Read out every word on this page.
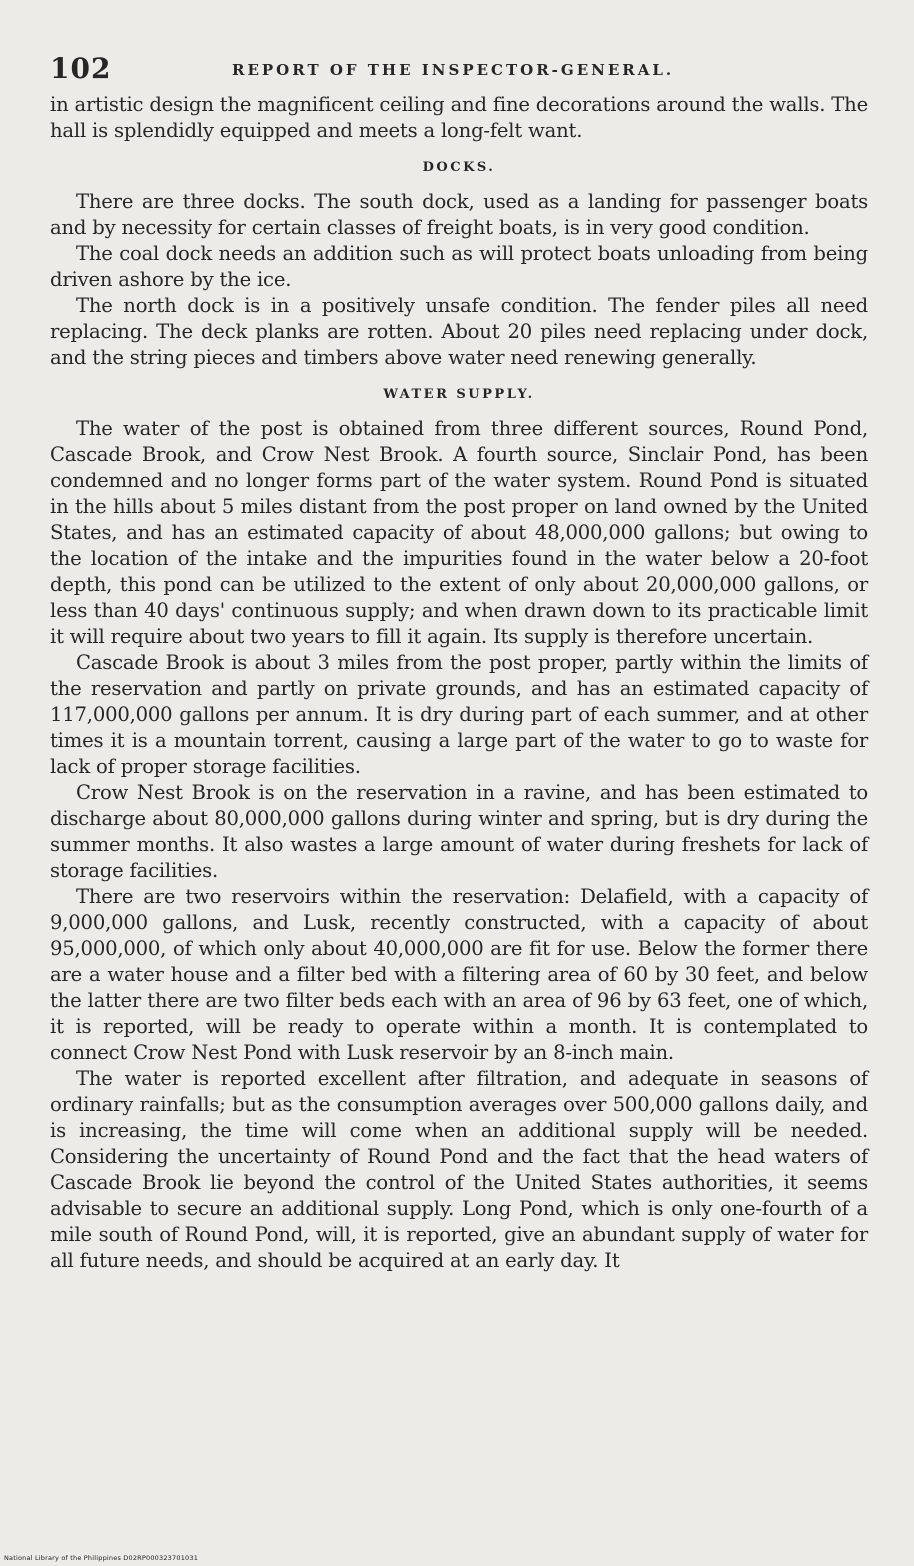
102	REPORT OF THE INSPECTOR-GENERAL.

in artistic design the magnificent ceiling and fine decorations around the walls. The hall is splendidly equipped and meets a long-felt want.

DOCKS.

There are three docks. The south dock, used as a landing for passenger boats and by necessity for certain classes of freight boats, is in very good condition.

The coal dock needs an addition such as will protect boats unloading from being driven ashore by the ice.

The north dock is in a positively unsafe condition. The fender piles all need replacing. The deck planks are rotten. About 20 piles need replacing under dock, and the string pieces and timbers above water need renewing generally.

WATER SUPPLY.

The water of the post is obtained from three different sources, Round Pond, Cascade Brook, and Crow Nest Brook. A fourth source, Sinclair Pond, has been condemned and no longer forms part of the water system. Round Pond is situated in the hills about 5 miles distant from the post proper on land owned by the United States, and has an estimated capacity of about 48,000,000 gallons; but owing to the location of the intake and the impurities found in the water below a 20-foot depth, this pond can be utilized to the extent of only about 20,000,000 gallons, or less than 40 days' continuous supply; and when drawn down to its practicable limit it will require about two years to fill it again. Its supply is therefore uncertain.

Cascade Brook is about 3 miles from the post proper, partly within the limits of the reservation and partly on private grounds, and has an estimated capacity of 117,000,000 gallons per annum. It is dry during part of each summer, and at other times it is a mountain torrent, causing a large part of the water to go to waste for lack of proper storage facilities.

Crow Nest Brook is on the reservation in a ravine, and has been estimated to discharge about 80,000,000 gallons during winter and spring, but is dry during the summer months. It also wastes a large amount of water during freshets for lack of storage facilities.

There are two reservoirs within the reservation: Delafield, with a capacity of 9,000,000 gallons, and Lusk, recently constructed, with a capacity of about 95,000,000, of which only about 40,000,000 are fit for use. Below the former there are a water house and a filter bed with a filtering area of 60 by 30 feet, and below the latter there are two filter beds each with an area of 96 by 63 feet, one of which, it is reported, will be ready to operate within a month. It is contemplated to connect Crow Nest Pond with Lusk reservoir by an 8-inch main.

The water is reported excellent after filtration, and adequate in seasons of ordinary rainfalls; but as the consumption averages over 500,000 gallons daily, and is increasing, the time will come when an additional supply will be needed. Considering the uncertainty of Round Pond and the fact that the head waters of Cascade Brook lie beyond the control of the United States authorities, it seems advisable to secure an additional supply. Long Pond, which is only one-fourth of a mile south of Round Pond, will, it is reported, give an abundant supply of water for all future needs, and should be acquired at an early day. It

National Library of the Philippines D02RP000323701031
